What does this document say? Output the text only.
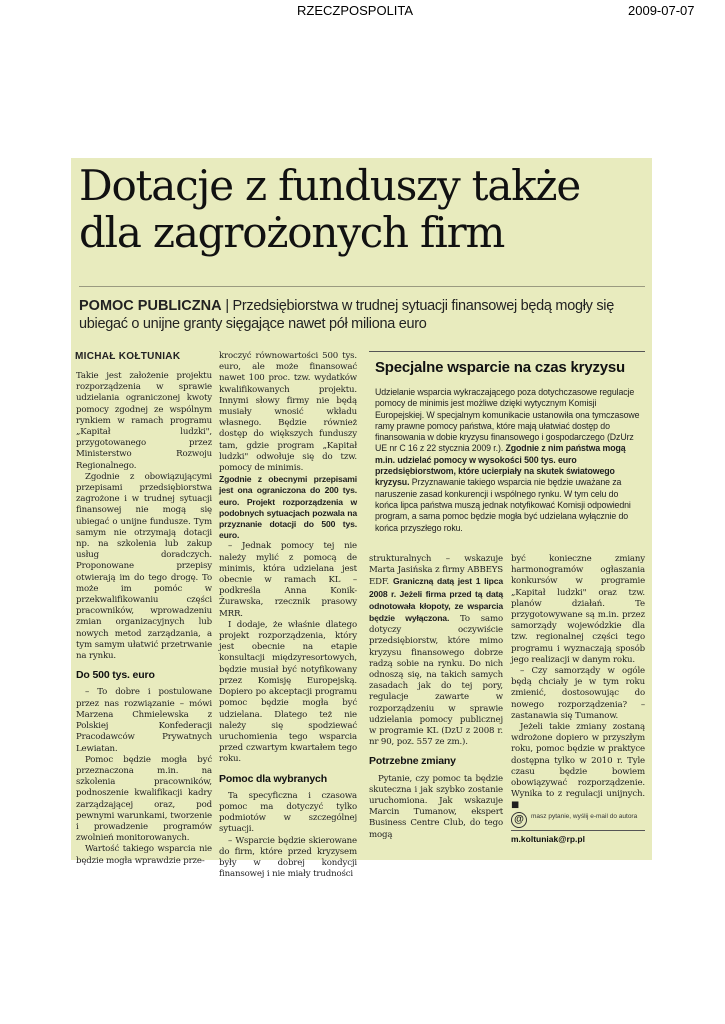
RZECZPOSPOLITA	2009-07-07
Dotacje z funduszy także
dla zagrożonych firm

POMOC PUBLICZNA | Przedsiębiorstwa w trudnej sytuacji finansowej będą mogły się ubiegać o unijne granty sięgające nawet pół miliona euro

MICHAŁ KOŁTUNIAK

Takie jest założenie projektu rozporządzenia w sprawie udzielania ograniczonej kwoty pomocy zgodnej ze wspólnym rynkiem w ramach programu „Kapitał ludzki", przygotowanego przez Ministerstwo Rozwoju Regionalnego.

Zgodnie z obowiązującymi przepisami przedsiębiorstwa zagrożone i w trudnej sytuacji finansowej nie mogą się ubiegać o unijne fundusze. Tym samym nie otrzymają dotacji np. na szkolenia lub zakup usług doradczych. Proponowane przepisy otwierają im do tego drogę. To może im pomóc w przekwalifikowaniu części pracowników, wprowadzeniu zmian organizacyjnych lub nowych metod zarządzania, a tym samym ułatwić przetrwanie na rynku.

Do 500 tys. euro

– To dobre i postulowane przez nas rozwiązanie – mówi Marzena Chmielewska z Polskiej Konfederacji Pracodawców Prywatnych Lewiatan.

Pomoc będzie mogła być przeznaczona m.in. na szkolenia pracowników, podnoszenie kwalifikacji kadry zarządzającej oraz, pod pewnymi warunkami, tworzenie i prowadzenie programów zwolnień monitorowanych.

Wartość takiego wsparcia nie będzie mogła wprawdzie prze-

kroczyć równowartości 500 tys. euro, ale może finansować nawet 100 proc. tzw. wydatków kwalifikowanych projektu. Innymi słowy firmy nie będą musiały wnosić wkładu własnego. Będzie również dostęp do większych funduszy tam, gdzie program „Kapitał ludzki" odwołuje się do tzw. pomocy de minimis.

Zgodnie z obecnymi przepisami jest ona ograniczona do 200 tys. euro. Projekt rozporządzenia w podobnych sytuacjach pozwala na przyznanie dotacji do 500 tys. euro.

– Jednak pomocy tej nie należy mylić z pomocą de minimis, która udzielana jest obecnie w ramach KL – podkreśla Anna Konik-Żurawska, rzecznik prasowy MRR.

I dodaje, że właśnie dlatego projekt rozporządzenia, który jest obecnie na etapie konsultacji międzyresortowych, będzie musiał być notyfikowany przez Komisję Europejską. Dopiero po akceptacji programu pomoc będzie mogła być udzielana. Dlatego też nie należy się spodziewać uruchomienia tego wsparcia przed czwartym kwartałem tego roku.

Pomoc dla wybranych

Ta specyficzna i czasowa pomoc ma dotyczyć tylko podmiotów w szczególnej sytuacji.

– Wsparcie będzie skierowane do firm, które przed kryzysem były w dobrej kondycji finansowej i nie miały trudności

Specjalne wsparcie na czas kryzysu
Udzielanie wsparcia wykraczającego poza dotychczasowe regulacje pomocy de minimis jest możliwe dzięki wytycznym Komisji Europejskiej. W specjalnym komunikacie ustanowiła ona tymczasowe ramy prawne pomocy państwa, które mają ułatwiać dostęp do finansowania w dobie kryzysu finansowego i gospodarczego (DzUrz UE nr C 16 z 22 stycznia 2009 r.). Zgodnie z nim państwa mogą m.in. udzielać pomocy w wysokości 500 tys. euro przedsiębiorstwom, które ucierpiały na skutek światowego kryzysu. Przyznawanie takiego wsparcia nie będzie uważane za naruszenie zasad konkurencji i wspólnego rynku. W tym celu do końca lipca państwa muszą jednak notyfikować Komisji odpowiedni program, a sama pomoc będzie mogła być udzielana wyłącznie do końca przyszłego roku.

strukturalnych – wskazuje Marta Jasińska z firmy ABBEYS EDF. Graniczną datą jest 1 lipca 2008 r. Jeżeli firma przed tą datą odnotowała kłopoty, ze wsparcia będzie wyłączona. To samo dotyczy oczywiście przedsiębiorstw, które mimo kryzysu finansowego dobrze radzą sobie na rynku. Do nich odnoszą się, na takich samych zasadach jak do tej pory, regulacje zawarte w rozporządzeniu w sprawie udzielania pomocy publicznej w programie KL (DzU z 2008 r. nr 90, poz. 557 ze zm.).

Potrzebne zmiany

Pytanie, czy pomoc ta będzie skuteczna i jak szybko zostanie uruchomiona. Jak wskazuje Marcin Tumanow, ekspert Business Centre Club, do tego mogą

być konieczne zmiany harmonogramów ogłaszania konkursów w programie „Kapitał ludzki" oraz tzw. planów działań. Te przygotowywane są m.in. przez samorządy wojewódzkie dla tzw. regionalnej części tego programu i wyznaczają sposób jego realizacji w danym roku.

– Czy samorządy w ogóle będą chciały je w tym roku zmienić, dostosowując do nowego rozporządzenia? – zastanawia się Tumanow.

Jeżeli takie zmiany zostaną wdrożone dopiero w przyszłym roku, pomoc będzie w praktyce dostępna tylko w 2010 r. Tyle czasu będzie bowiem obowiązywać rozporządzenie. Wynika to z regulacji unijnych. ■

@	masz pytanie, wyślij e-mail do autora
m.koltuniak@rp.pl
